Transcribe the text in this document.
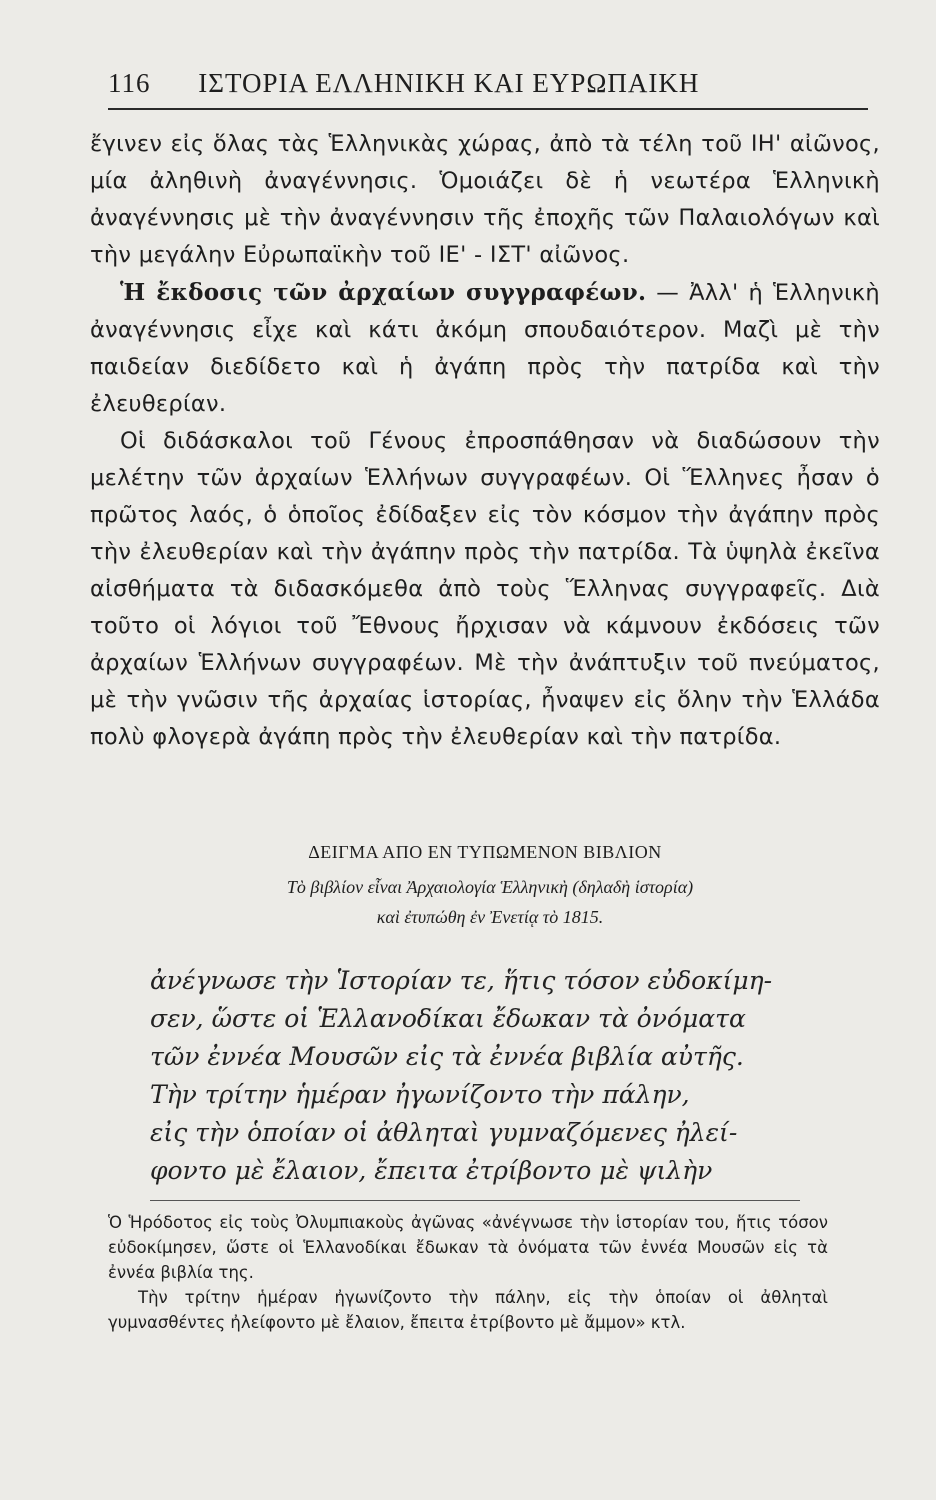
116 ΙΣΤΟΡΙΑ ΕΛΛΗΝΙΚΗ ΚΑΙ ΕΥΡΩΠΑΙΚΗ

ἔγινεν εἰς ὅλας τὰς Ἑλληνικὰς χώρας, ἀπὸ τὰ τέλη τοῦ ΙΗ' αἰῶνος, μία ἀληθινὴ ἀναγέννησις. Ὁμοιάζει δὲ ἡ νεωτέρα Ἑλληνικὴ ἀναγέννησις μὲ τὴν ἀναγέννησιν τῆς ἐποχῆς τῶν Παλαιολόγων καὶ τὴν μεγάλην Εὐρωπαϊκὴν τοῦ ΙΕ' - ΙΣΤ' αἰῶνος.

Ἡ ἔκδοσις τῶν ἀρχαίων συγγραφέων. — Ἀλλ' ἡ Ἑλληνικὴ ἀναγέννησις εἶχε καὶ κάτι ἀκόμη σπουδαιότερον. Μαζὶ μὲ τὴν παιδείαν διεδίδετο καὶ ἡ ἀγάπη πρὸς τὴν πατρίδα καὶ τὴν ἐλευθερίαν.

Οἱ διδάσκαλοι τοῦ Γένους ἐπροσπάθησαν νὰ διαδώσουν τὴν μελέτην τῶν ἀρχαίων Ἑλλήνων συγγραφέων. Οἱ Ἕλληνες ἦσαν ὁ πρῶτος λαός, ὁ ὁποῖος ἐδίδαξεν εἰς τὸν κόσμον τὴν ἀγάπην πρὸς τὴν ἐλευθερίαν καὶ τὴν ἀγάπην πρὸς τὴν πατρίδα. Τὰ ὑψηλὰ ἐκεῖνα αἰσθήματα τὰ διδασκόμεθα ἀπὸ τοὺς Ἕλληνας συγγραφεῖς. Διὰ τοῦτο οἱ λόγιοι τοῦ Ἔθνους ἤρχισαν νὰ κάμνουν ἐκδόσεις τῶν ἀρχαίων Ἑλλήνων συγγραφέων. Μὲ τὴν ἀνάπτυξιν τοῦ πνεύματος, μὲ τὴν γνῶσιν τῆς ἀρχαίας ἱστορίας, ἦναψεν εἰς ὅλην τὴν Ἑλλάδα πολὺ φλογερὰ ἀγάπη πρὸς τὴν ἐλευθερίαν καὶ τὴν πατρίδα.

ΔΕΙΓΜΑ ΑΠΟ ΕΝ ΤΥΠΩΜΕΝΟΝ ΒΙΒΛΙΟΝ
Τὸ βιβλίον εἶναι Ἀρχαιολογία Ἑλληνικὴ (δηλαδὴ ἱστορία)
καὶ ἐτυπώθη ἐν Ἐνετίᾳ τὸ 1815.
ἀνέγνωσε τὴν Ἱστορίαν τε, ἥτις τόσον εὐδοκίμη-
σεν, ὥστε οἱ Ἑλλανοδίκαι ἔδωκαν τὰ ὀνόματα
τῶν ἐννέα Μουσῶν εἰς τὰ ἐννέα βιβλία αὐτῆς.
Τὴν τρίτην ἡμέραν ἠγωνίζοντο τὴν πάλην,
εἰς τὴν ὁποίαν οἱ ἀθληταὶ γυμναζόμενες ἠλεί-
φοντο μὲ ἔλαιον, ἔπειτα ἐτρίβοντο μὲ ψιλὴν

Ὁ Ἡρόδοτος εἰς τοὺς Ὀλυμπιακοὺς ἀγῶνας «ἀνέγνωσε τὴν ἱστορίαν του, ἥτις τόσον εὐδοκίμησεν, ὥστε οἱ Ἑλλανοδίκαι ἔδωκαν τὰ ὀνόματα τῶν ἐννέα Μουσῶν εἰς τὰ ἐννέα βιβλία της.

Τὴν τρίτην ἡμέραν ἠγωνίζοντο τὴν πάλην, εἰς τὴν ὁποίαν οἱ ἀθληταὶ γυμνασθέντες ἠλείφοντο μὲ ἔλαιον, ἔπειτα ἐτρίβοντο μὲ ἄμμον» κτλ.
